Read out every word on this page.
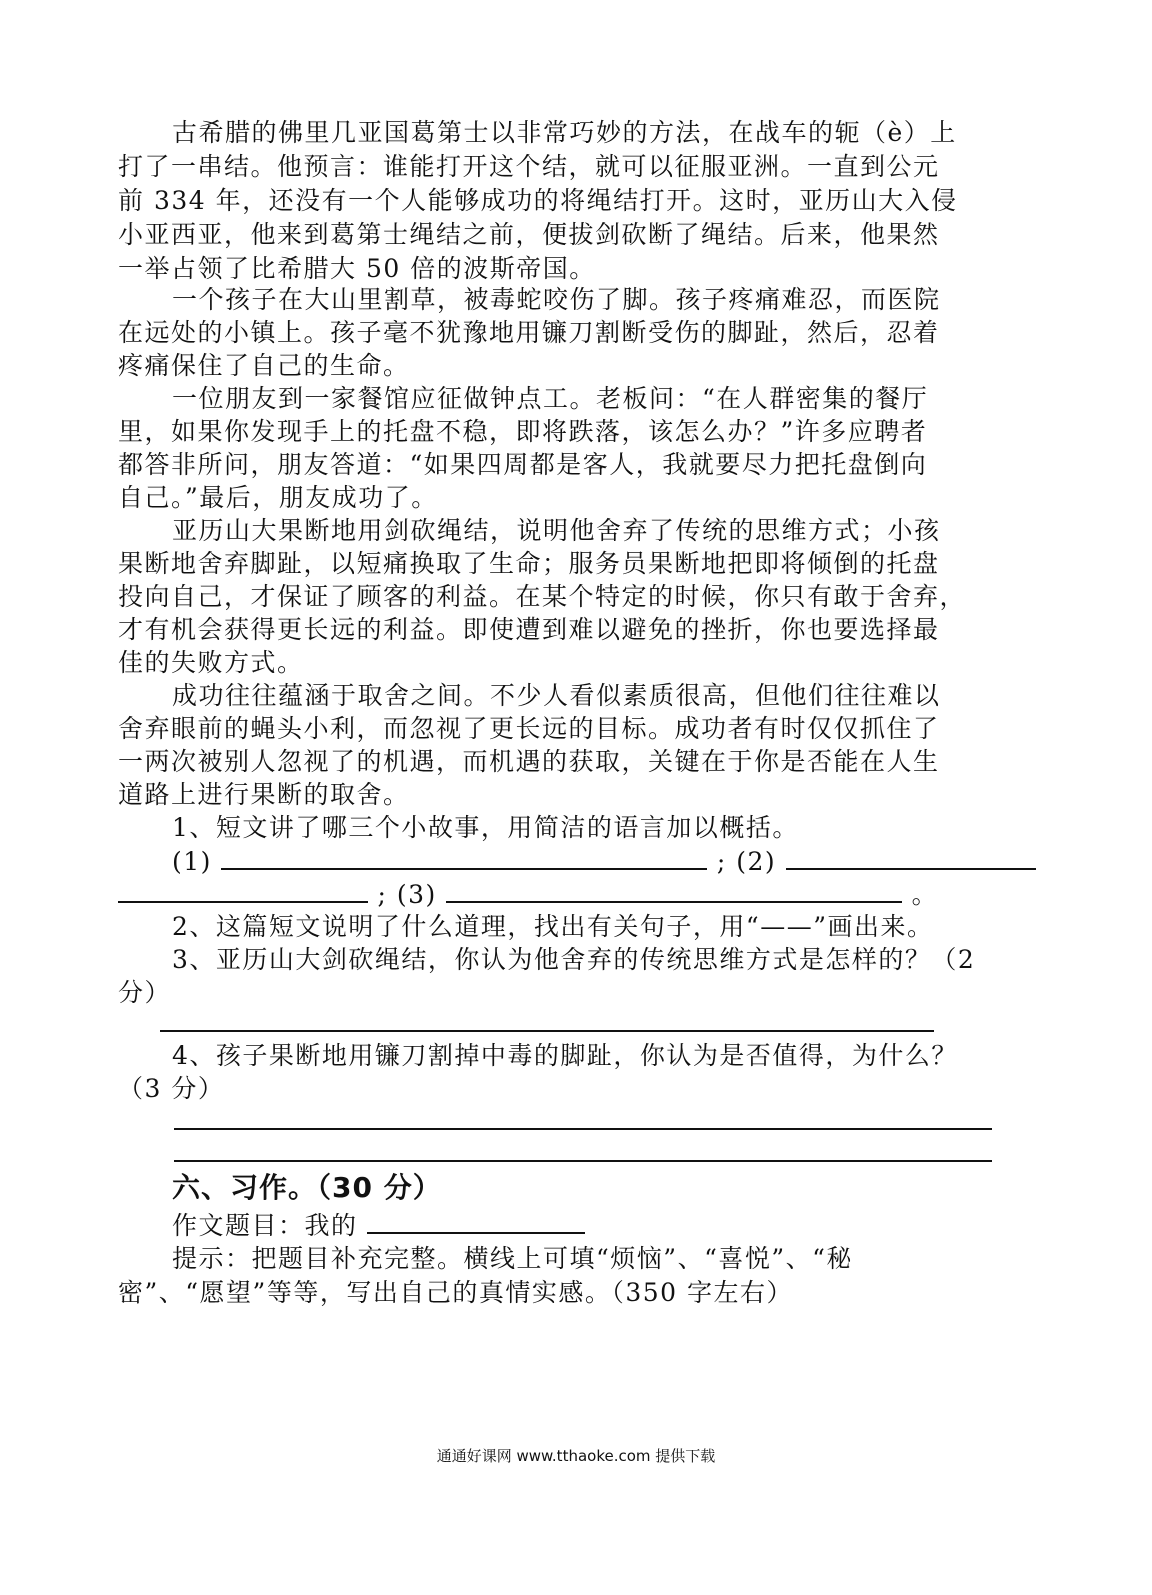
古希腊的佛里几亚国葛第士以非常巧妙的方法，在战车的轭（è）上
打了一串结。他预言：谁能打开这个结，就可以征服亚洲。一直到公元
前 334 年，还没有一个人能够成功的将绳结打开。这时，亚历山大入侵
小亚西亚，他来到葛第士绳结之前，便拔剑砍断了绳结。后来，他果然
一举占领了比希腊大 50 倍的波斯帝国。
一个孩子在大山里割草，被毒蛇咬伤了脚。孩子疼痛难忍，而医院
在远处的小镇上。孩子毫不犹豫地用镰刀割断受伤的脚趾，然后，忍着
疼痛保住了自己的生命。
一位朋友到一家餐馆应征做钟点工。老板问：“在人群密集的餐厅
里，如果你发现手上的托盘不稳，即将跌落，该怎么办？”许多应聘者
都答非所问，朋友答道：“如果四周都是客人，我就要尽力把托盘倒向
自己。”最后，朋友成功了。
亚历山大果断地用剑砍绳结，说明他舍弃了传统的思维方式；小孩
果断地舍弃脚趾，以短痛换取了生命；服务员果断地把即将倾倒的托盘
投向自己，才保证了顾客的利益。在某个特定的时候，你只有敢于舍弃，
才有机会获得更长远的利益。即使遭到难以避免的挫折，你也要选择最
佳的失败方式。
成功往往蕴涵于取舍之间。不少人看似素质很高，但他们往往难以
舍弃眼前的蝇头小利，而忽视了更长远的目标。成功者有时仅仅抓住了
一两次被别人忽视了的机遇，而机遇的获取，关键在于你是否能在人生
道路上进行果断的取舍。
1、短文讲了哪三个小故事，用简洁的语言加以概括。
(1)	; (2)
; (3)	。
2、这篇短文说明了什么道理，找出有关句子，用“——”画出来。
3、亚历山大剑砍绳结，你认为他舍弃的传统思维方式是怎样的？（2
分）
4、孩子果断地用镰刀割掉中毒的脚趾，你认为是否值得，为什么？
（3 分）
六、习作。（30 分）
作文题目：我的
提示：把题目补充完整。横线上可填“烦恼”、“喜悦”、“秘
密”、“愿望”等等，写出自己的真情实感。（350 字左右）
通通好课网 www.tthaoke.com 提供下载
